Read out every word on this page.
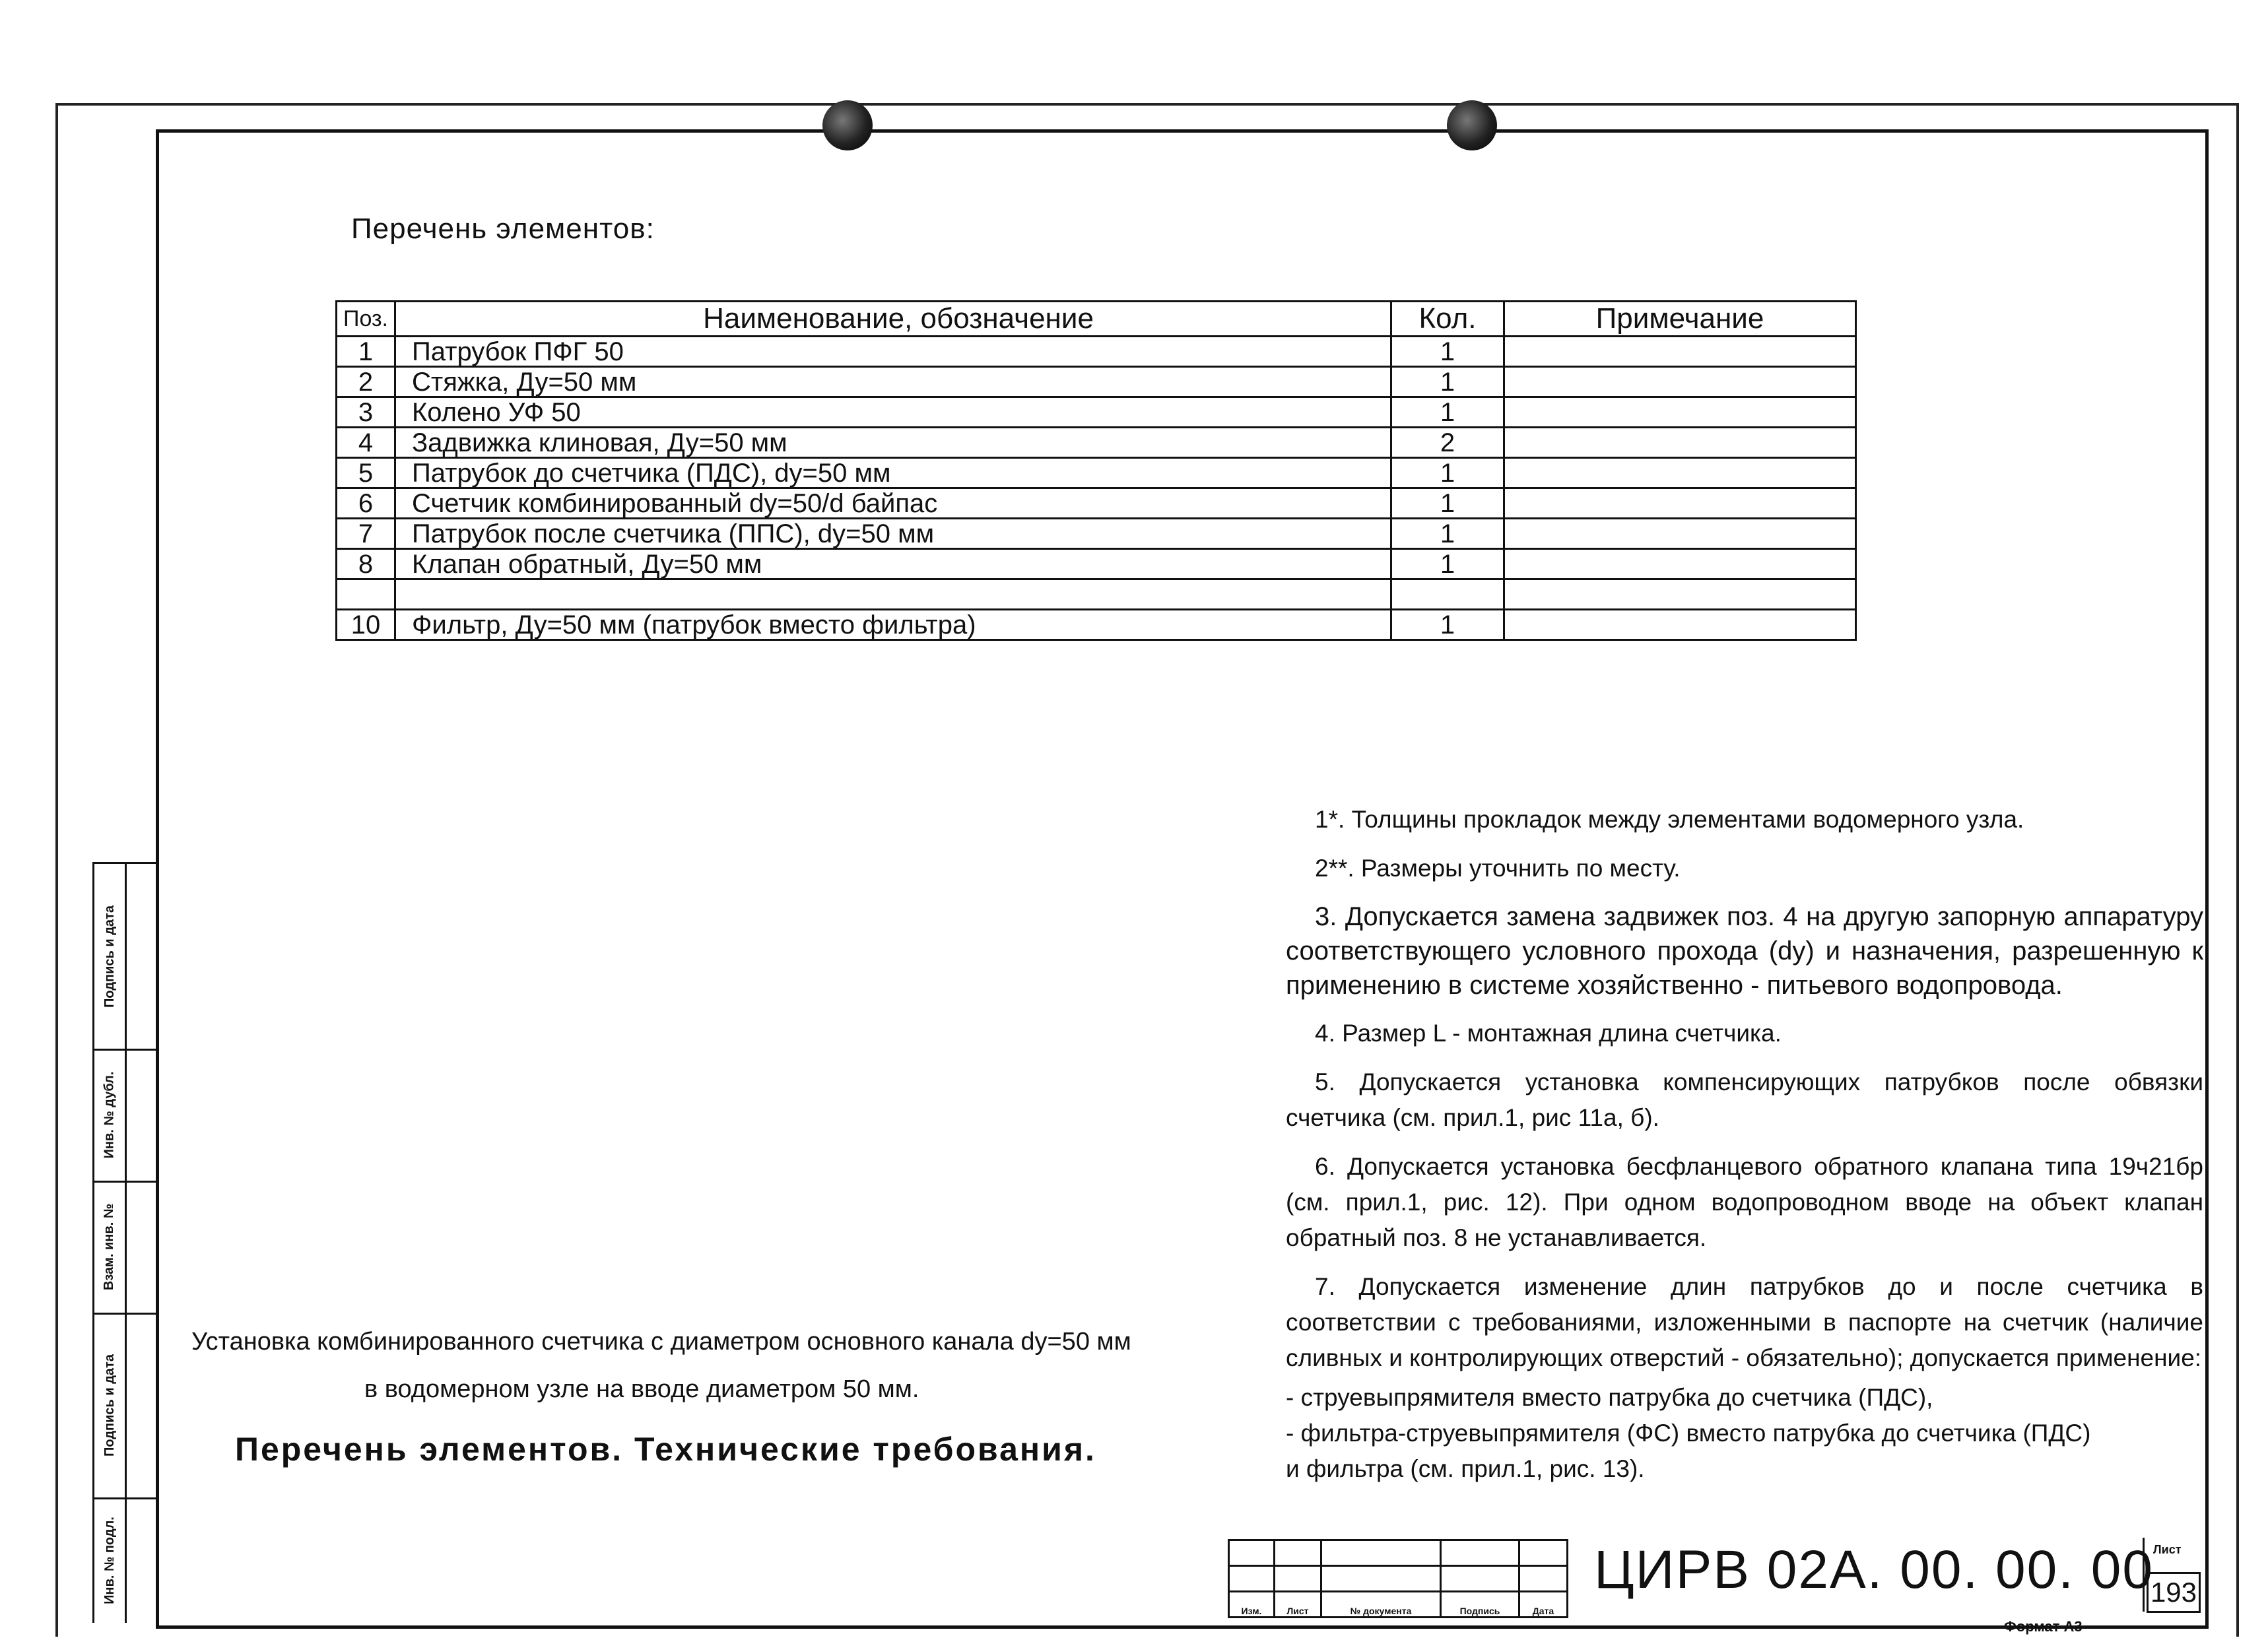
Перечень элементов:
Поз.	Наименование, обозначение	Кол.	Примечание
1	Патрубок ПФГ 50	1	
2	Стяжка, Ду=50 мм	1	
3	Колено УФ 50	1	
4	Задвижка клиновая, Ду=50 мм	2	
5	Патрубок до счетчика (ПДС), dy=50 мм	1	
6	Счетчик комбинированный dy=50/d байпас	1	
7	Патрубок после счетчика (ППС), dy=50 мм	1	
8	Клапан обратный, Ду=50 мм	1	

10	Фильтр, Ду=50 мм (патрубок вместо фильтра)	1	

1*. Толщины прокладок между элементами водомерного узла.

2**. Размеры уточнить по месту.

3. Допускается замена задвижек поз. 4 на другую запорную аппаратуру соответствующего условного прохода (dy) и назначения, разрешенную к применению в системе хозяйственно - питьевого водопровода.

4. Размер L - монтажная длина счетчика.

5. Допускается установка компенсирующих патрубков после обвязки счетчика (см. прил.1, рис 11а, б).

6. Допускается установка бесфланцевого обратного клапана типа 19ч21бр (см. прил.1, рис. 12). При одном водопроводном вводе на объект клапан обратный поз. 8 не устанавливается.

7. Допускается изменение длин патрубков до и после счетчика в соответствии с требованиями, изложенными в паспорте на счетчик (наличие сливных и контролирующих отверстий - обязательно); допускается применение:

- струевыпрямителя вместо патрубка до счетчика (ПДС),
- фильтра-струевыпрямителя (ФС) вместо патрубка до счетчика (ПДС)
и фильтра (см. прил.1, рис. 13).
Установка комбинированного счетчика с диаметром основного канала dy=50 мм
в водомерном узле на вводе диаметром 50 мм.
Перечень элементов. Технические требования.
Подпись и дата
Инв. № дубл.
Взам. инв. №
Подпись и дата
Инв. № подл.

Изм.	Лист	№ документа	Подпись	Дата
ЦИРВ 02А. 00. 00. 00 Лист
193
Формат А3
